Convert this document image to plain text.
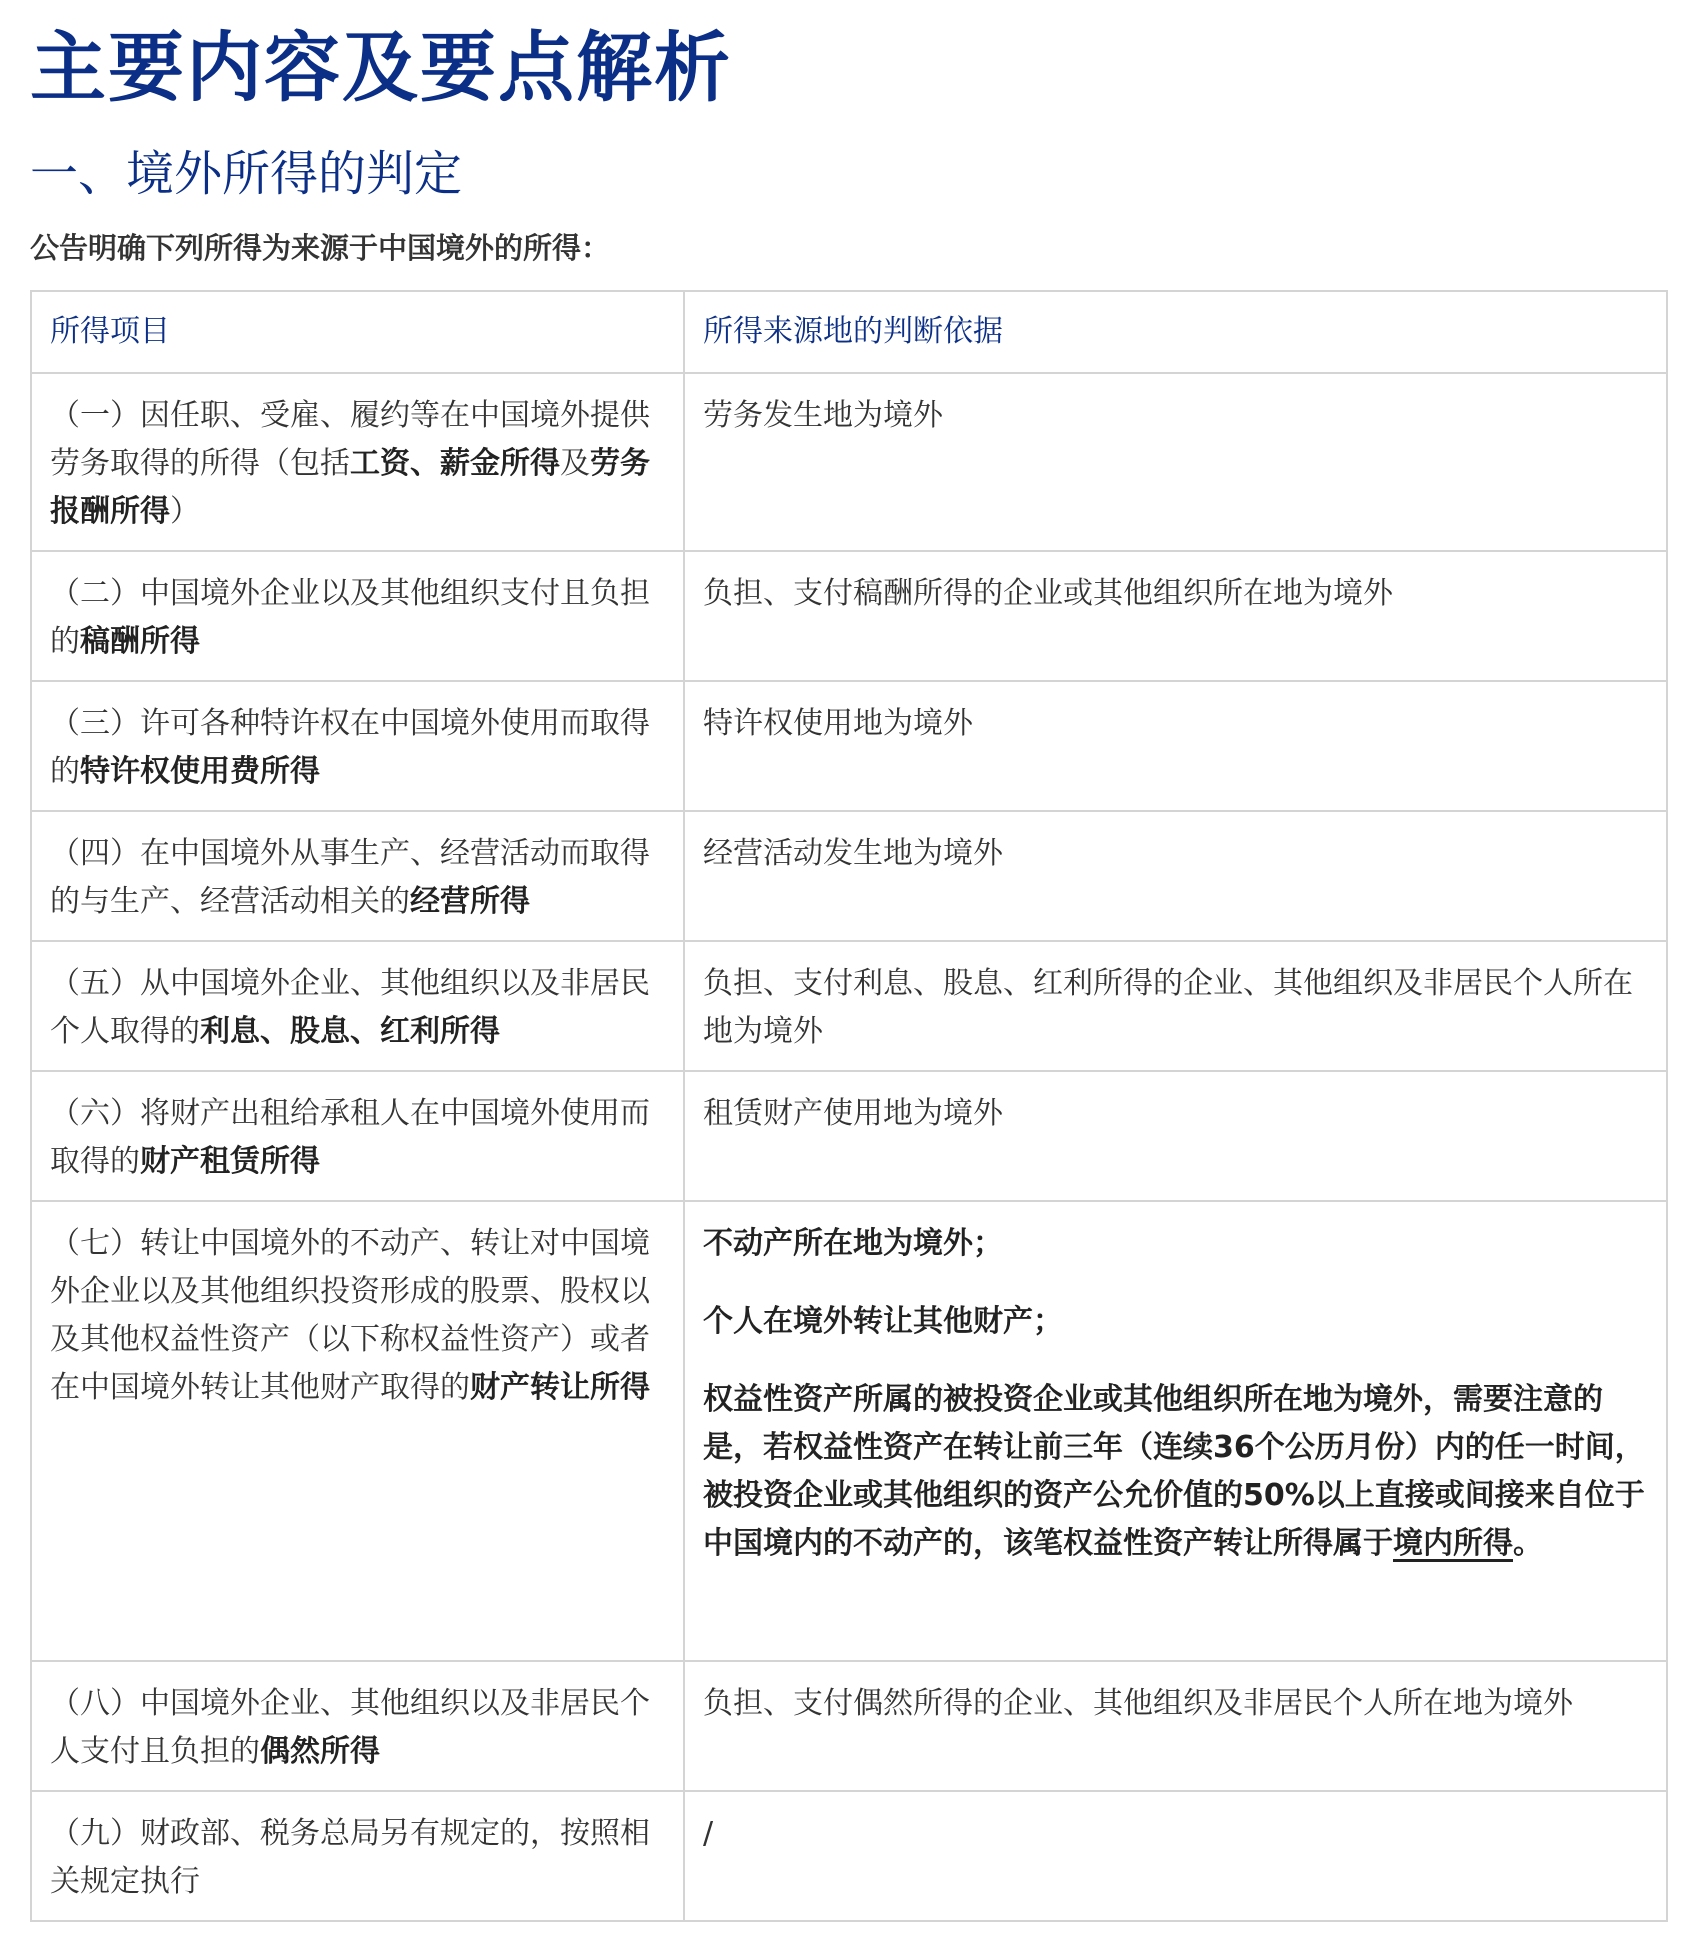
主要内容及要点解析
一、境外所得的判定

公告明确下列所得为来源于中国境外的所得：

所得项目	所得来源地的判断依据
（一）因任职、受雇、履约等在中国境外提供劳务取得的所得（包括工资、薪金所得及劳务报酬所得）	劳务发生地为境外
（二）中国境外企业以及其他组织支付且负担的稿酬所得	负担、支付稿酬所得的企业或其他组织所在地为境外
（三）许可各种特许权在中国境外使用而取得的特许权使用费所得	特许权使用地为境外
（四）在中国境外从事生产、经营活动而取得的与生产、经营活动相关的经营所得	经营活动发生地为境外
（五）从中国境外企业、其他组织以及非居民个人取得的利息、股息、红利所得	负担、支付利息、股息、红利所得的企业、其他组织及非居民个人所在地为境外
（六）将财产出租给承租人在中国境外使用而取得的财产租赁所得	租赁财产使用地为境外
（七）转让中国境外的不动产、转让对中国境外企业以及其他组织投资形成的股票、股权以及其他权益性资产（以下称权益性资产）或者在中国境外转让其他财产取得的财产转让所得	不动产所在地为境外；
个人在境外转让其他财产；
权益性资产所属的被投资企业或其他组织所在地为境外，需要注意的是，若权益性资产在转让前三年（连续36个公历月份）内的任一时间，被投资企业或其他组织的资产公允价值的50%以上直接或间接来自位于中国境内的不动产的，该笔权益性资产转让所得属于境内所得。

（八）中国境外企业、其他组织以及非居民个人支付且负担的偶然所得	负担、支付偶然所得的企业、其他组织及非居民个人所在地为境外
（九）财政部、税务总局另有规定的，按照相关规定执行	/
